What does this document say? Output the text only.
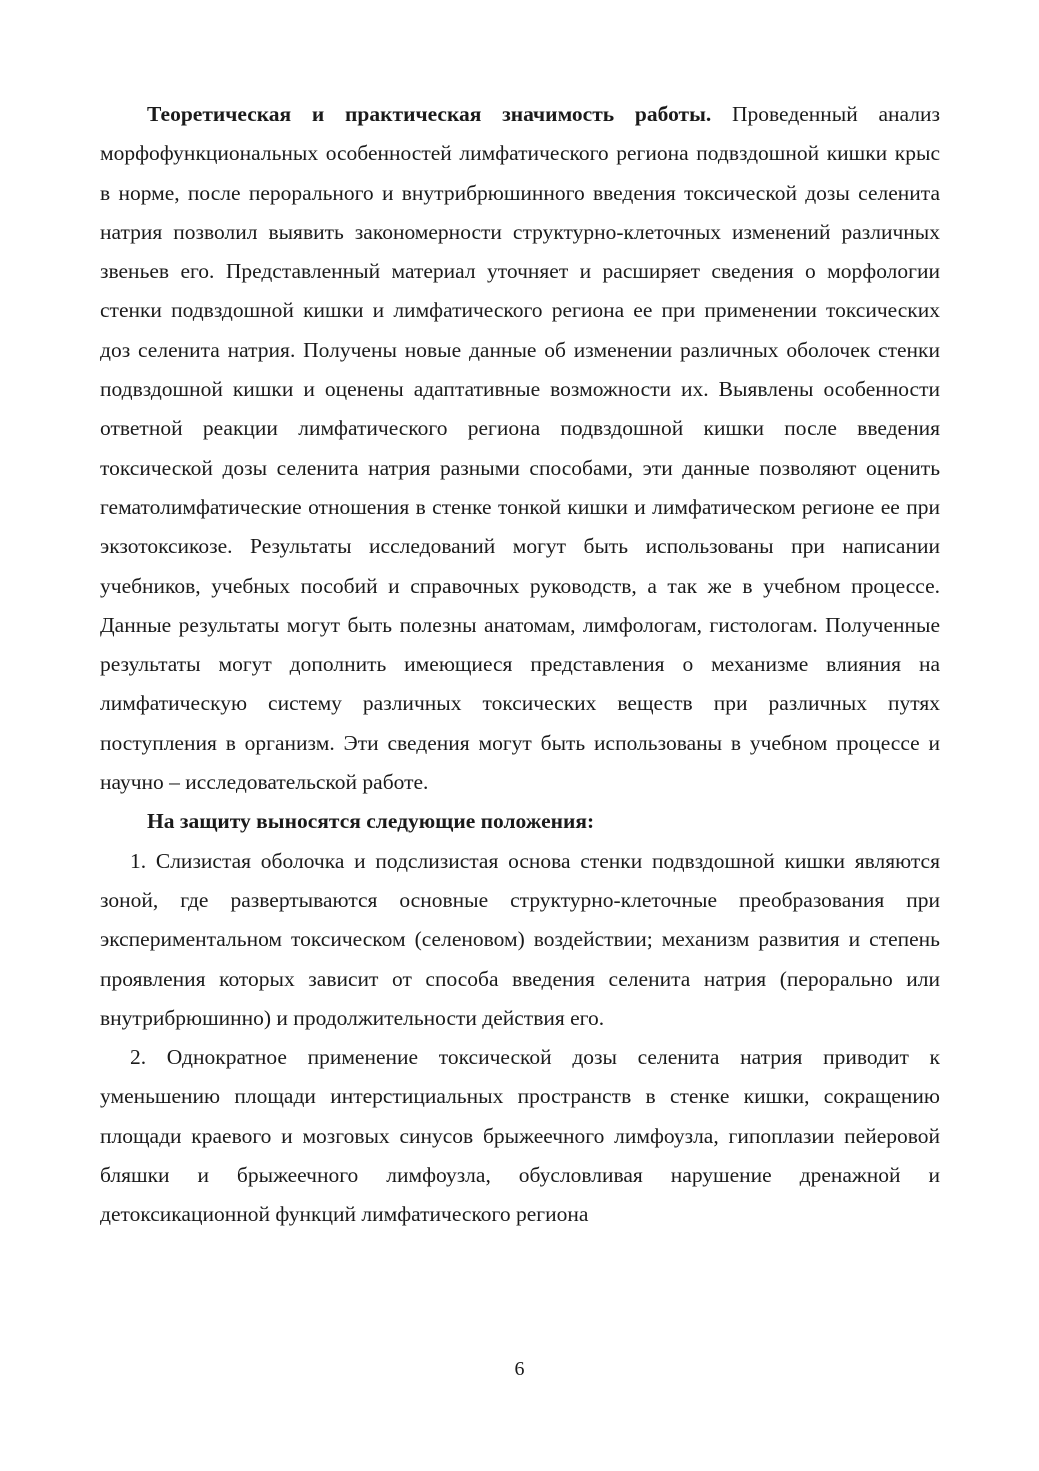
Теоретическая и практическая значимость работы. Проведенный анализ морфофункциональных особенностей лимфатического региона подвздошной кишки крыс в норме, после перорального и внутрибрюшинного введения токсической дозы селенита натрия позволил выявить закономерности структурно-клеточных изменений различных звеньев его. Представленный материал уточняет и расширяет сведения о морфологии стенки подвздошной кишки и лимфатического региона ее при применении токсических доз селенита натрия. Получены новые данные об изменении различных оболочек стенки подвздошной кишки и оценены адаптативные возможности их. Выявлены особенности ответной реакции лимфатического региона подвздошной кишки после введения токсической дозы селенита натрия разными способами, эти данные позволяют оценить гематолимфатические отношения в стенке тонкой кишки и лимфатическом регионе ее при экзотоксикозе. Результаты исследований могут быть использованы при написании учебников, учебных пособий и справочных руководств, а так же в учебном процессе. Данные результаты могут быть полезны анатомам, лимфологам, гистологам. Полученные результаты могут дополнить имеющиеся представления о механизме влияния на лимфатическую систему различных токсических веществ при различных путях поступления в организм. Эти сведения могут быть использованы в учебном процессе и научно – исследовательской работе.

На защиту выносятся следующие положения:

1. Слизистая оболочка и подслизистая основа стенки подвздошной кишки являются зоной, где развертываются основные структурно-клеточные преобразования при экспериментальном токсическом (селеновом) воздействии; механизм развития и степень проявления которых зависит от способа введения селенита натрия (перорально или внутрибрюшинно) и продолжительности действия его.

2. Однократное применение токсической дозы селенита натрия приводит к уменьшению площади интерстициальных пространств в стенке кишки, сокращению площади краевого и мозговых синусов брыжеечного лимфоузла, гипоплазии пейеровой бляшки и брыжеечного лимфоузла, обусловливая нарушение дренажной и детоксикационной функций лимфатического региона

6
